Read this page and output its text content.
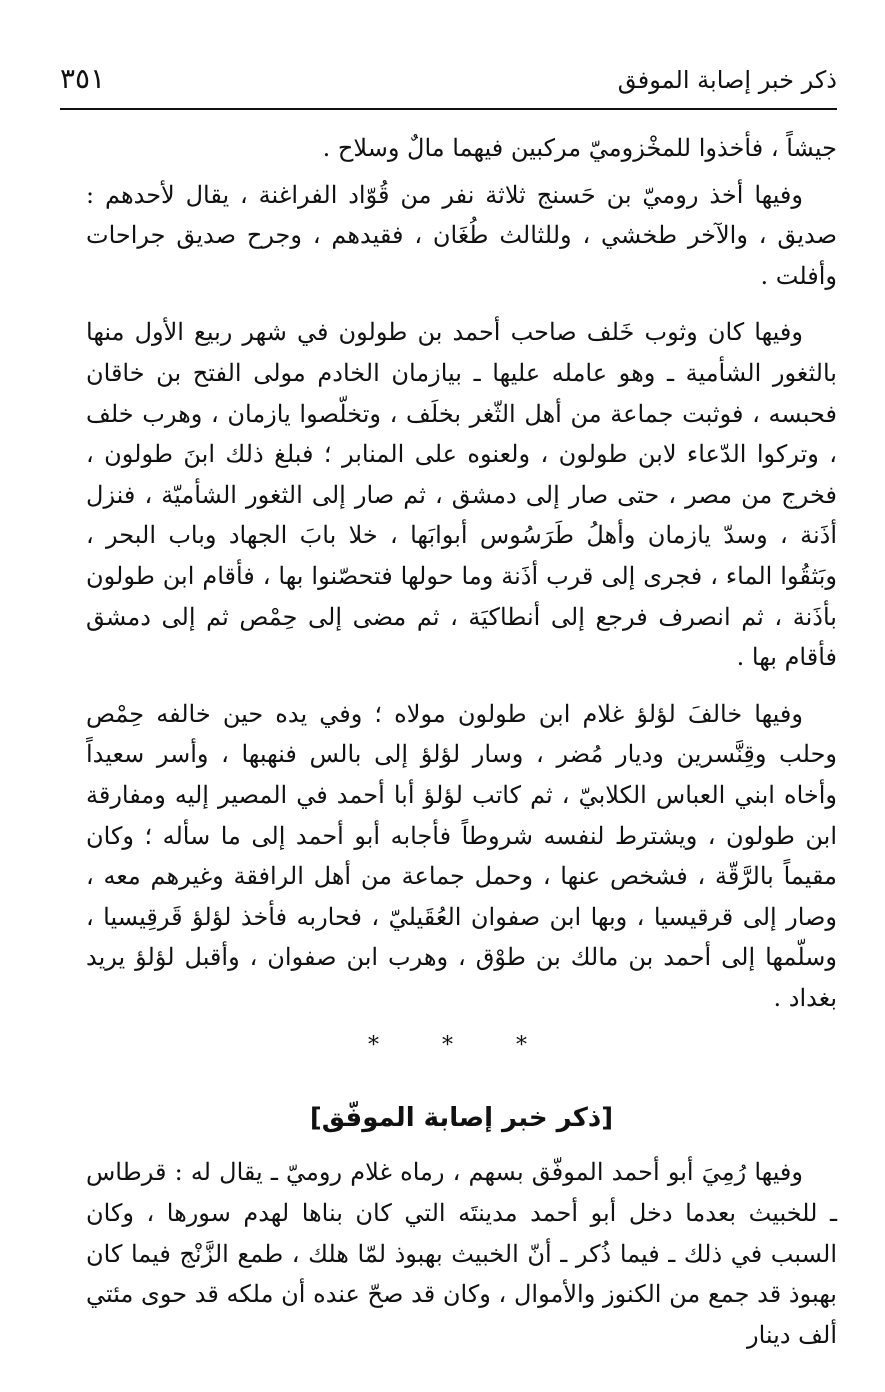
ذكر خبر إصابة الموفق
٣٥١

جيشاً ، فأخذوا للمخْزوميّ مركبين فيهما مالٌ وسلاح .

وفيها أخذ روميّ بن حَسنج ثلاثة نفر من قُوّاد الفراغنة ، يقال لأحدهم : صديق ، والآخر طخشي ، وللثالث طُغَان ، فقيدهم ، وجرح صديق جراحات وأفلت .

وفيها كان وثوب خَلف صاحب أحمد بن طولون في شهر ربيع الأول منها بالثغور الشأمية ـ وهو عامله عليها ـ بيازمان الخادم مولى الفتح بن خاقان فحبسه ، فوثبت جماعة من أهل الثّغر بخلَف ، وتخلّصوا يازمان ، وهرب خلف ، وتركوا الدّعاء لابن طولون ، ولعنوه على المنابر ؛ فبلغ ذلك ابنَ طولون ، فخرج من مصر ، حتى صار إلى دمشق ، ثم صار إلى الثغور الشأميّة ، فنزل أذَنة ، وسدّ يازمان وأهلُ طَرَسُوس أبوابَها ، خلا بابَ الجهاد وباب البحر ، وبَثقُوا الماء ، فجرى إلى قرب أذَنة وما حولها فتحصّنوا بها ، فأقام ابن طولون بأذَنة ، ثم انصرف فرجع إلى أنطاكيَة ، ثم مضى إلى حِمْص ثم إلى دمشق فأقام بها .

وفيها خالفَ لؤلؤ غلام ابن طولون مولاه ؛ وفي يده حين خالفه حِمْص وحلب وقِنَّسرين وديار مُضر ، وسار لؤلؤ إلى بالس فنهبها ، وأسر سعيداً وأخاه ابني العباس الكلابيّ ، ثم كاتب لؤلؤ أبا أحمد في المصير إليه ومفارقة ابن طولون ، ويشترط لنفسه شروطاً فأجابه أبو أحمد إلى ما سأله ؛ وكان مقيماً بالرَّقّة ، فشخص عنها ، وحمل جماعة من أهل الرافقة وغيرهم معه ، وصار إلى قرقيسيا ، وبها ابن صفوان العُقَيليّ ، فحاربه فأخذ لؤلؤ قَرقِيسيا ، وسلّمها إلى أحمد بن مالك بن طوْق ، وهرب ابن صفوان ، وأقبل لؤلؤ يريد بغداد .

* * *
[ذكر خبر إصابة الموفّق]

وفيها رُمِيَ أبو أحمد الموفّق بسهم ، رماه غلام روميّ ـ يقال له : قرطاس ـ للخبيث بعدما دخل أبو أحمد مدينتَه التي كان بناها لهدم سورها ، وكان السبب في ذلك ـ فيما ذُكر ـ أنّ الخبيث بهبوذ لمّا هلك ، طمع الزَّنْج فيما كان بهبوذ قد جمع من الكنوز والأموال ، وكان قد صحّ عنده أن ملكه قد حوى مئتي ألف دينار
